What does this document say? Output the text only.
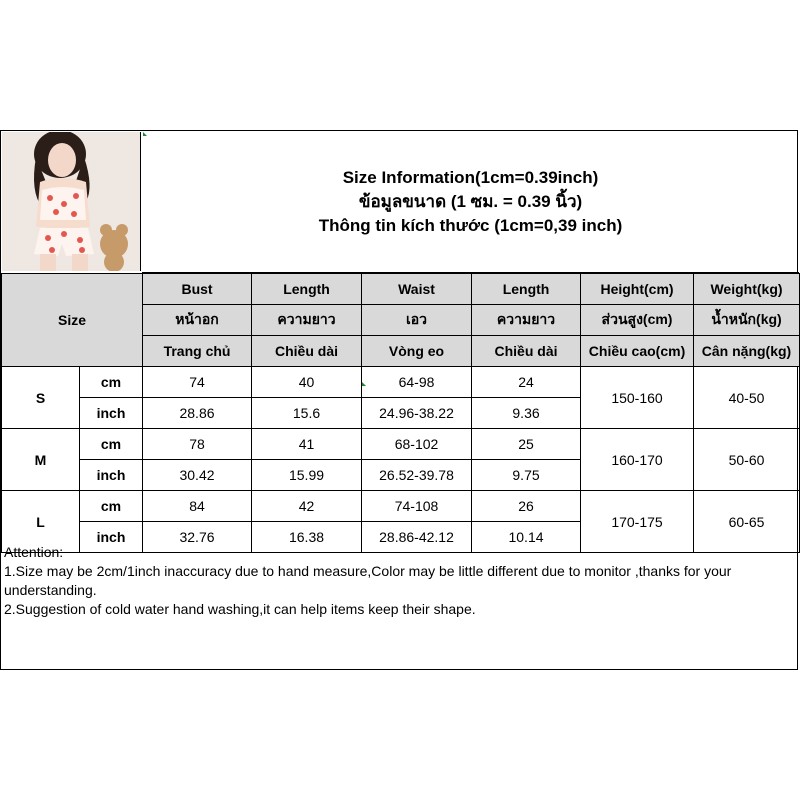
Size Information(1cm=0.39inch)
ข้อมูลขนาด (1 ซม. = 0.39 นิ้ว)
Thông tin kích thước (1cm=0,39 inch)
Size		Bust	Length	Waist	Length	Height(cm)	Weight(kg)
		หน้าอก	ความยาว	เอว	ความยาว	ส่วนสูง(cm)	น้ำหนัก(kg)
		Trang chủ	Chiều dài	Vòng eo	Chiều dài	Chiều cao(cm)	Cân nặng(kg)
S	cm	74	40	64-98	24	150-160	40-50
	inch	28.86	15.6	24.96-38.22	9.36		
M	cm	78	41	68-102	25	160-170	50-60
	inch	30.42	15.99	26.52-39.78	9.75		
L	cm	84	42	74-108	26	170-175	60-65
	inch	32.76	16.38	28.86-42.12	10.14		

Attention:

1.Size may be 2cm/1inch inaccuracy due to hand measure,Color may be little different due to monitor ,thanks for your understanding.

2.Suggestion of cold water hand washing,it can help items keep their shape.
